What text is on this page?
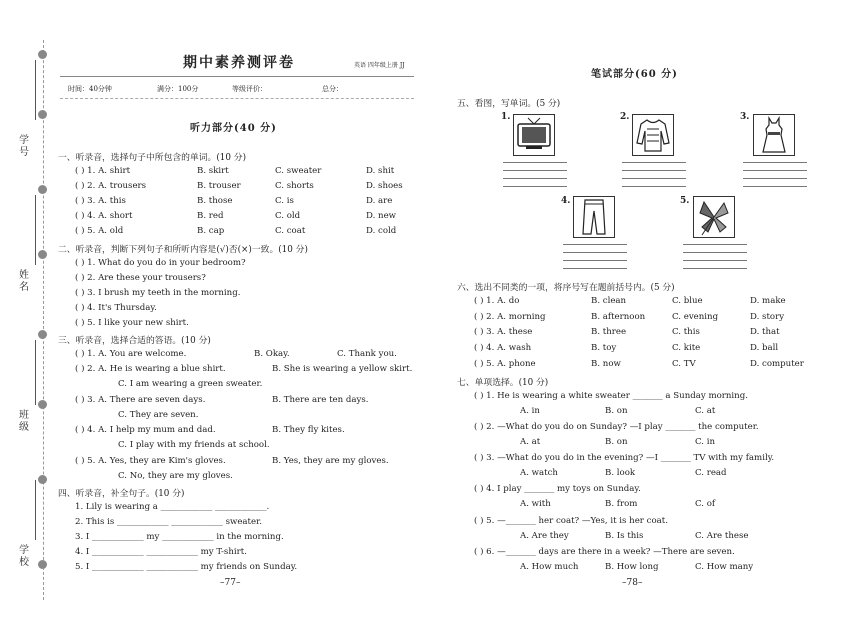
学 号
姓 名
班 级
学 校
期中素养测评卷	英语 四年级上册 JJ
时间：40分钟	满分：100分	等级评价：	总分：
听力部分(40 分)
一、听录音，选择句子中所包含的单词。(10 分)
( ) 1. A. shirt	B. skirt	C. sweater	D. shit
( ) 2. A. trousers	B. trouser	C. shorts	D. shoes
( ) 3. A. this	B. those	C. is	D. are
( ) 4. A. short	B. red	C. old	D. new
( ) 5. A. old	B. cap	C. coat	D. cold
二、听录音，判断下列句子和所听内容是(√)否(×)一致。(10 分)
( ) 1. What do you do in your bedroom?
( ) 2. Are these your trousers?
( ) 3. I brush my teeth in the morning.
( ) 4. It's Thursday.
( ) 5. I like your new shirt.
三、听录音，选择合适的答语。(10 分)
( ) 1. A. You are welcome.	B. Okay.	C. Thank you.
( ) 2. A. He is wearing a blue shirt.	B. She is wearing a yellow skirt.
C. I am wearing a green sweater.
( ) 3. A. There are seven days.	B. There are ten days.
C. They are seven.
( ) 4. A. I help my mum and dad.	B. They fly kites.
C. I play with my friends at school.
( ) 5. A. Yes, they are Kim's gloves.	B. Yes, they are my gloves.
C. No, they are my gloves.
四、听录音，补全句子。(10 分)
1. Lily is wearing a ____________ ____________.
2. This is ____________ ____________ sweater.
3. I ____________ my ____________ in the morning.
4. I ____________ ____________ my T-shirt.
5. I ____________ ____________ my friends on Sunday.
–77–
笔试部分(60 分)
五、看图，写单词。(5 分)
1.	2.	3.
4.	5.
六、选出不同类的一项，将序号写在题前括号内。(5 分)
( ) 1. A. do	B. clean	C. blue	D. make
( ) 2. A. morning	B. afternoon	C. evening	D. story
( ) 3. A. these	B. three	C. this	D. that
( ) 4. A. wash	B. toy	C. kite	D. ball
( ) 5. A. phone	B. now	C. TV	D. computer
七、单项选择。(10 分)
( ) 1. He is wearing a white sweater _______ a Sunday morning.
A. in	B. on	C. at
( ) 2. —What do you do on Sunday? —I play _______ the computer.
A. at	B. on	C. in
( ) 3. —What do you do in the evening? —I _______ TV with my family.
A. watch	B. look	C. read
( ) 4. I play _______ my toys on Sunday.
A. with	B. from	C. of
( ) 5. —_______ her coat? —Yes, it is her coat.
A. Are they	B. Is this	C. Are these
( ) 6. —_______ days are there in a week? —There are seven.
A. How much	B. How long	C. How many
–78–
